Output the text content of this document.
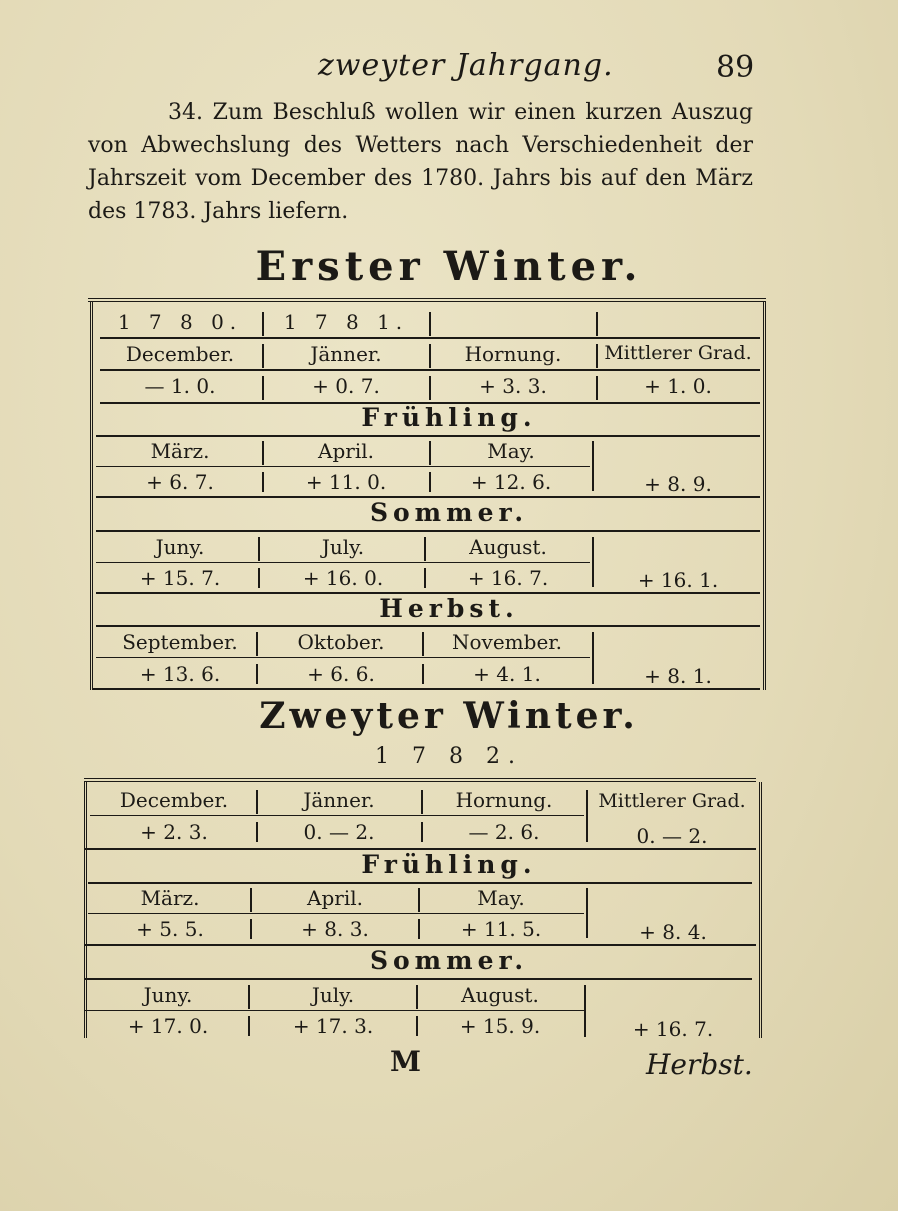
zweyter Jahrgang.	89

34. Zum Beschluß wollen wir einen kurzen Auszug von Abwechslung des Wetters nach Verschiedenheit der Jahrszeit vom December des 1780. Jahrs bis auf den März des 1783. Jahrs liefern.

Erster Winter.
1 7 8 0.	1 7 8 1.
December.	Jänner.	Hornung.	Mittlerer Grad.
— 1. 0.	+ 0. 7.	+ 3. 3.	+ 1. 0.
Frühling.
März.	April.	May.
+ 6. 7.	+ 11. 0.	+ 12. 6.	+ 8. 9.
Sommer.
Juny.	July.	August.
+ 15. 7.	+ 16. 0.	+ 16. 7.	+ 16. 1.
Herbst.
September.	Oktober.	November.
+ 13. 6.	+ 6. 6.	+ 4. 1.	+ 8. 1.
Zweyter Winter.
1 7 8 2.
December.	Jänner.	Hornung.	Mittlerer Grad.
+ 2. 3.	0. — 2.	— 2. 6.	0. — 2.
Frühling.
März.	April.	May.
+ 5. 5.	+ 8. 3.	+ 11. 5.	+ 8. 4.
Sommer.
Juny.	July.	August.
+ 17. 0.	+ 17. 3.	+ 15. 9.	+ 16. 7.
M	Herbst.
